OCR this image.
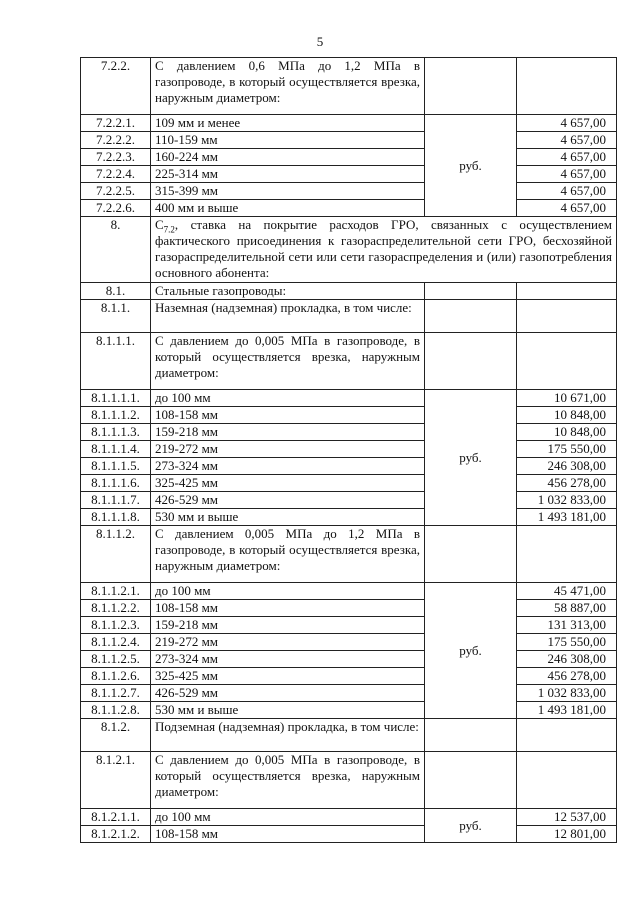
5
7.2.2.	С давлением 0,6 МПа до 1,2 МПа в газопроводе, в который осуществляется врезка, наружным диаметром:		
7.2.2.1.	109 мм и менее	руб.	4 657,00
7.2.2.2.	110-159 мм		4 657,00
7.2.2.3.	160-224 мм		4 657,00
7.2.2.4.	225-314 мм		4 657,00
7.2.2.5.	315-399 мм		4 657,00
7.2.2.6.	400 мм и выше		4 657,00
8.	$С_{7.2}$, ставка на покрытие расходов ГРО, связанных с осуществлением фактического присоединения к газораспределительной сети ГРО, бесхозяйной газораспределительной сети или сети газораспределения и (или) газопотребления основного абонента:		
8.1.	Стальные газопроводы:		
8.1.1.	Наземная (надземная) прокладка, в том числе:		
8.1.1.1.	С давлением до 0,005 МПа в газопроводе, в который осуществляется врезка, наружным диаметром:		
8.1.1.1.1.	до 100 мм	руб.	10 671,00
8.1.1.1.2.	108-158 мм		10 848,00
8.1.1.1.3.	159-218 мм		10 848,00
8.1.1.1.4.	219-272 мм		175 550,00
8.1.1.1.5.	273-324 мм		246 308,00
8.1.1.1.6.	325-425 мм		456 278,00
8.1.1.1.7.	426-529 мм		1 032 833,00
8.1.1.1.8.	530 мм и выше		1 493 181,00
8.1.1.2.	С давлением 0,005 МПа до 1,2 МПа в газопроводе, в который осуществляется врезка, наружным диаметром:		
8.1.1.2.1.	до 100 мм	руб.	45 471,00
8.1.1.2.2.	108-158 мм		58 887,00
8.1.1.2.3.	159-218 мм		131 313,00
8.1.1.2.4.	219-272 мм		175 550,00
8.1.1.2.5.	273-324 мм		246 308,00
8.1.1.2.6.	325-425 мм		456 278,00
8.1.1.2.7.	426-529 мм		1 032 833,00
8.1.1.2.8.	530 мм и выше		1 493 181,00
8.1.2.	Подземная (надземная) прокладка, в том числе:		
8.1.2.1.	С давлением до 0,005 МПа в газопроводе, в который осуществляется врезка, наружным диаметром:		
8.1.2.1.1.	до 100 мм	руб.	12 537,00
8.1.2.1.2.	108-158 мм		12 801,00
